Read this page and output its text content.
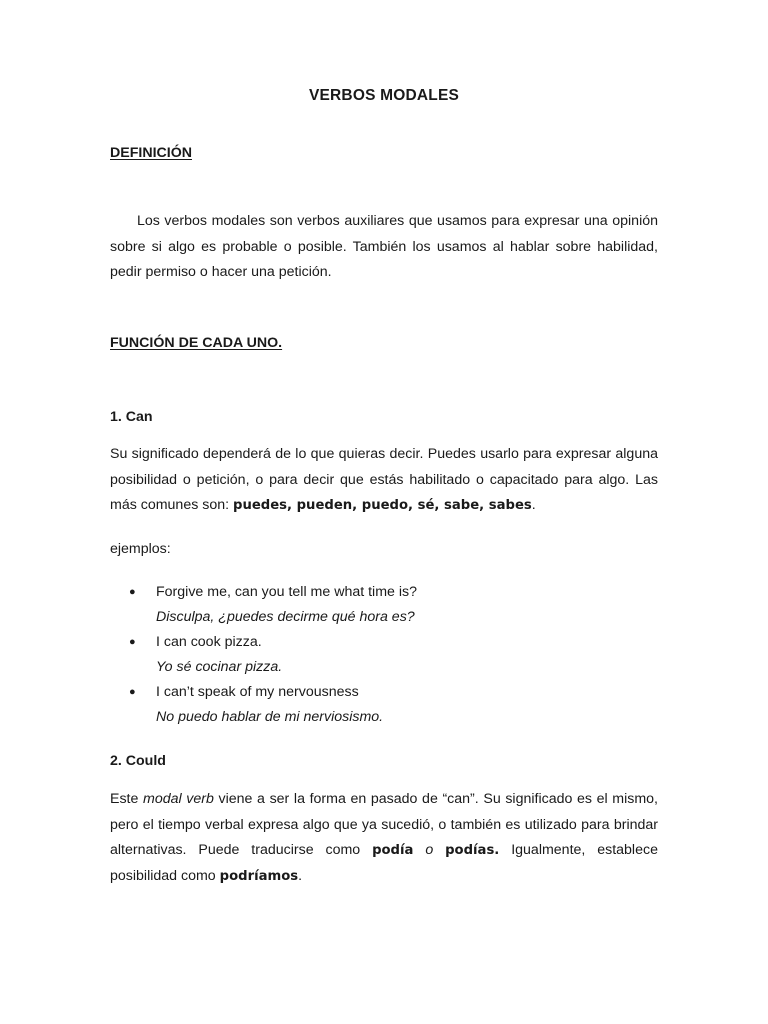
VERBOS MODALES
DEFINICIÓN

Los verbos modales son verbos auxiliares que usamos para expresar una opinión sobre si algo es probable o posible. También los usamos al hablar sobre habilidad, pedir permiso o hacer una petición.

FUNCIÓN DE CADA UNO.
1. Can

Su significado dependerá de lo que quieras decir. Puedes usarlo para expresar alguna posibilidad o petición, o para decir que estás habilitado o capacitado para algo. Las más comunes son: puedes, pueden, puedo, sé, sabe, sabes.

ejemplos:
● Forgive me, can you tell me what time is?
Disculpa, ¿puedes decirme qué hora es?
● I can cook pizza.
Yo sé cocinar pizza.
● I can’t speak of my nervousness
No puedo hablar de mi nerviosismo.
2. Could

Este modal verb viene a ser la forma en pasado de “can”. Su significado es el mismo, pero el tiempo verbal expresa algo que ya sucedió, o también es utilizado para brindar alternativas. Puede traducirse como podía o podías. Igualmente, establece posibilidad como podríamos.
